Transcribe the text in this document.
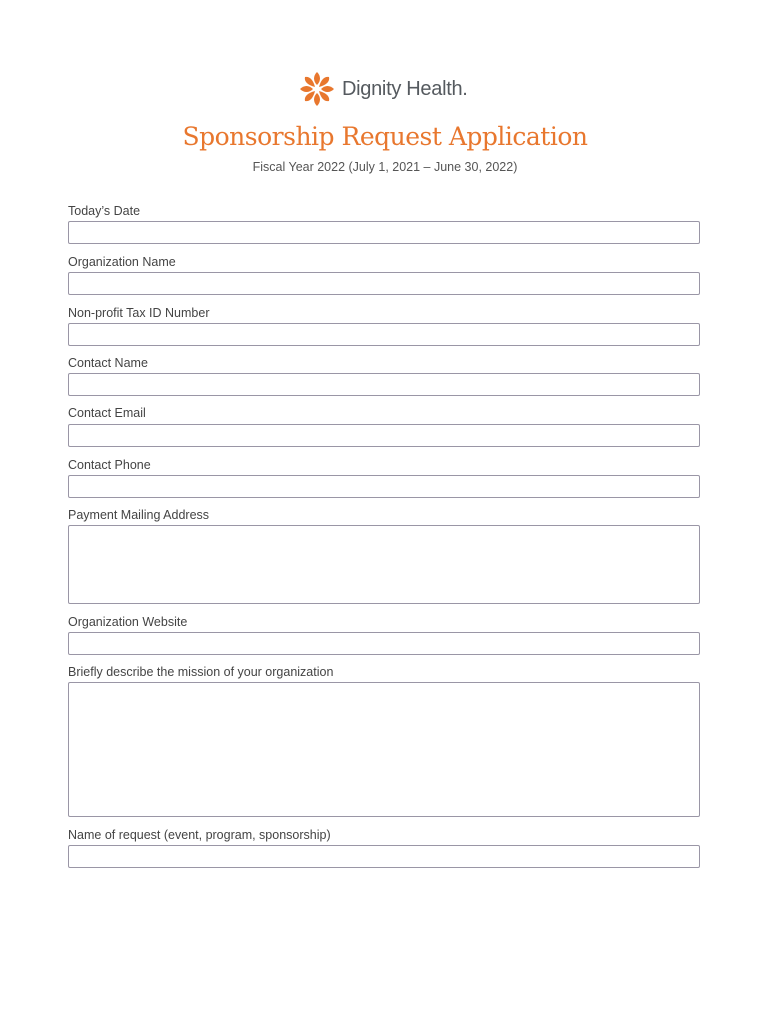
Dignity Health.
Sponsorship Request Application
Fiscal Year 2022 (July 1, 2021 – June 30, 2022)
Today’s Date
Organization Name
Non-profit Tax ID Number
Contact Name
Contact Email
Contact Phone
Payment Mailing Address
Organization Website
Briefly describe the mission of your organization
Name of request (event, program, sponsorship)
